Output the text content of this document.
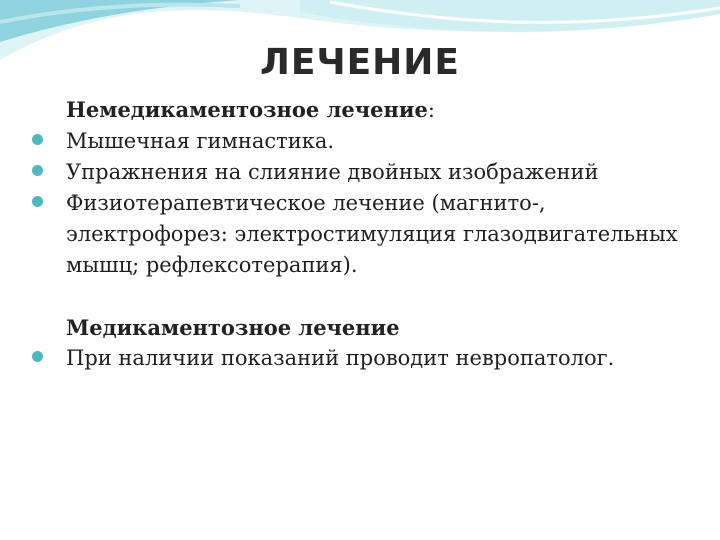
ЛЕЧЕНИЕ
Немедикаментозное лечение:
Мышечная гимнастика.
Упражнения на слияние двойных изображений
Физиотерапевтическое лечение (магнито-, электрофорез: электростимуляция глазодвигательных мышц; рефлексотерапия).
Медикаментозное лечение
При наличии показаний проводит невропатолог.
